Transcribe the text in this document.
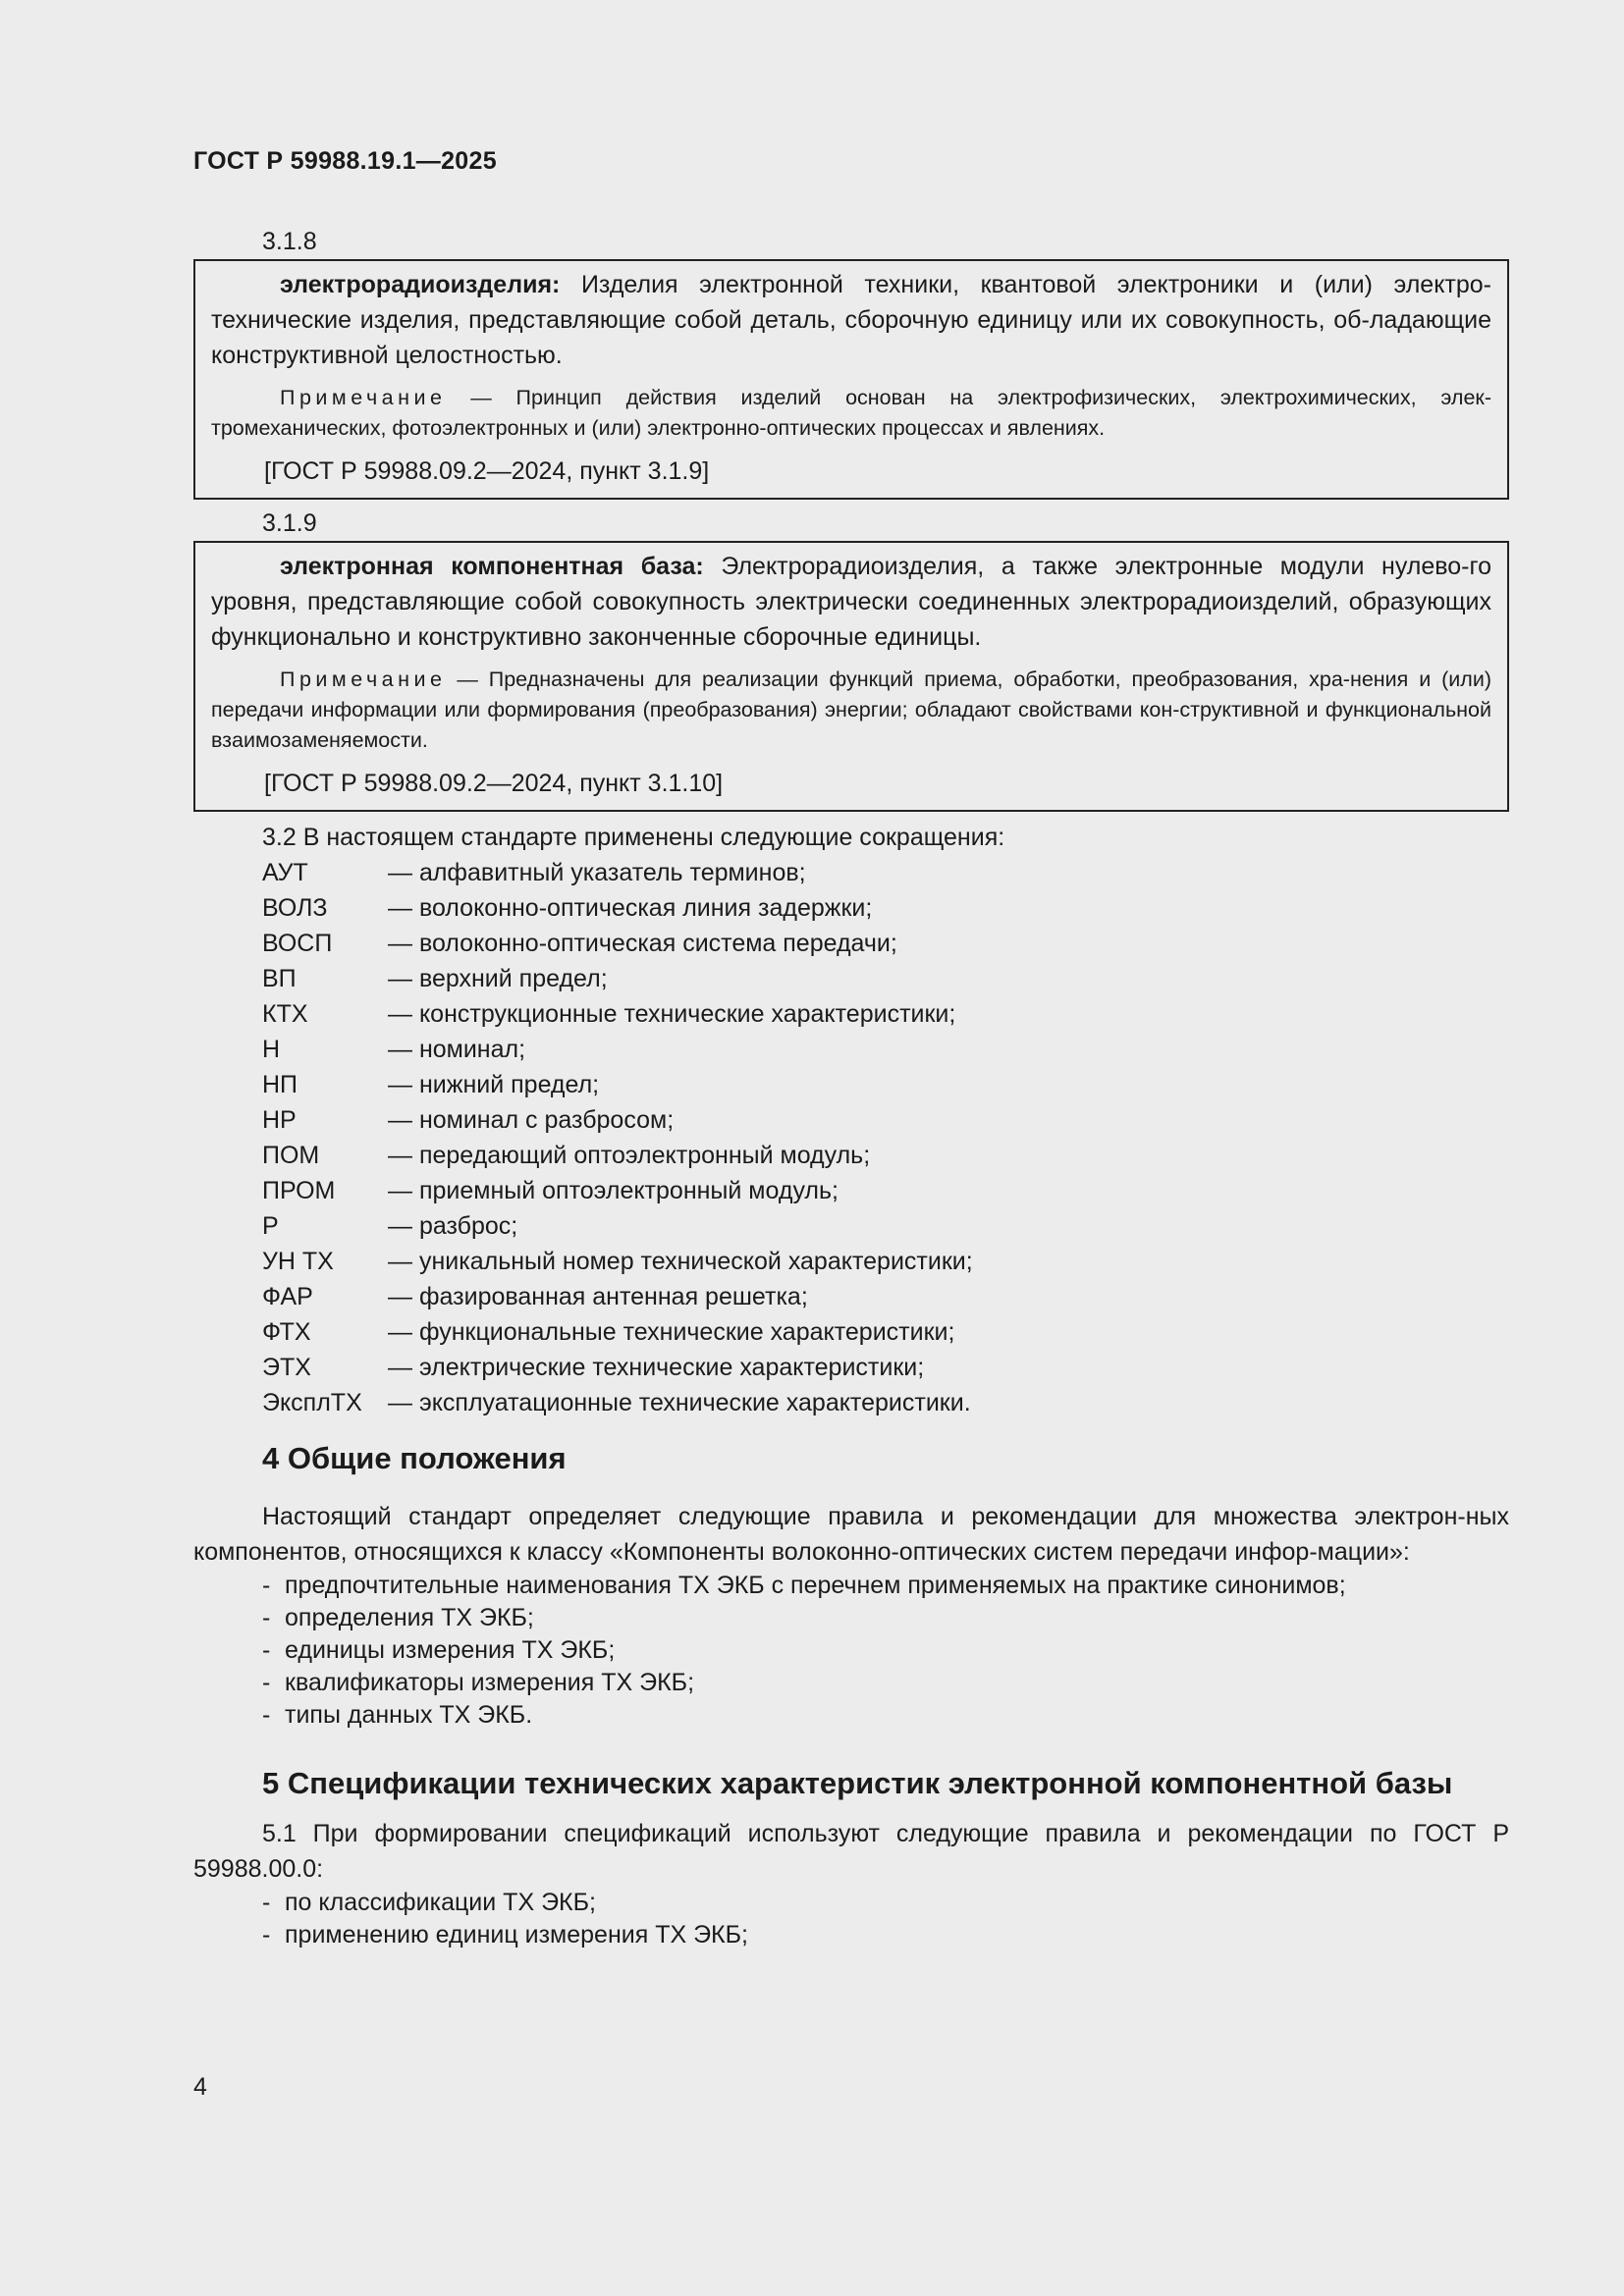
ГОСТ Р 59988.19.1—2025
3.1.8

электрорадиоизделия: Изделия электронной техники, квантовой электроники и (или) электро-технические изделия, представляющие собой деталь, сборочную единицу или их совокупность, об-ладающие конструктивной целостностью.

Примечание — Принцип действия изделий основан на электрофизических, электрохимических, элек-тромеханических, фотоэлектронных и (или) электронно-оптических процессах и явлениях.

[ГОСТ Р 59988.09.2—2024, пункт 3.1.9]

3.1.9

электронная компонентная база: Электрорадиоизделия, а также электронные модули нулево-го уровня, представляющие собой совокупность электрически соединенных электрорадиоизделий, образующих функционально и конструктивно законченные сборочные единицы.

Примечание — Предназначены для реализации функций приема, обработки, преобразования, хра-нения и (или) передачи информации или формирования (преобразования) энергии; обладают свойствами кон-структивной и функциональной взаимозаменяемости.

[ГОСТ Р 59988.09.2—2024, пункт 3.1.10]

3.2 В настоящем стандарте применены следующие сокращения:

АУТ	— алфавитный указатель терминов;
ВОЛЗ	— волоконно-оптическая линия задержки;
ВОСП	— волоконно-оптическая система передачи;
ВП	— верхний предел;
КТХ	— конструкционные технические характеристики;
Н	— номинал;
НП	— нижний предел;
НР	— номинал с разбросом;
ПОМ	— передающий оптоэлектронный модуль;
ПРОМ	— приемный оптоэлектронный модуль;
Р	— разброс;
УН ТХ	— уникальный номер технической характеристики;
ФАР	— фазированная антенная решетка;
ФТХ	— функциональные технические характеристики;
ЭТХ	— электрические технические характеристики;
ЭксплТХ	— эксплуатационные технические характеристики.
4 Общие положения

Настоящий стандарт определяет следующие правила и рекомендации для множества электрон-ных компонентов, относящихся к классу «Компоненты волоконно-оптических систем передачи инфор-мации»:

- предпочтительные наименования ТХ ЭКБ с перечнем применяемых на практике синонимов;
- определения ТХ ЭКБ;
- единицы измерения ТХ ЭКБ;
- квалификаторы измерения ТХ ЭКБ;
- типы данных ТХ ЭКБ.
5 Спецификации технических характеристик электронной компонентной базы

5.1 При формировании спецификаций используют следующие правила и рекомендации по ГОСТ Р 59988.00.0:

- по классификации ТХ ЭКБ;
- применению единиц измерения ТХ ЭКБ;
4
